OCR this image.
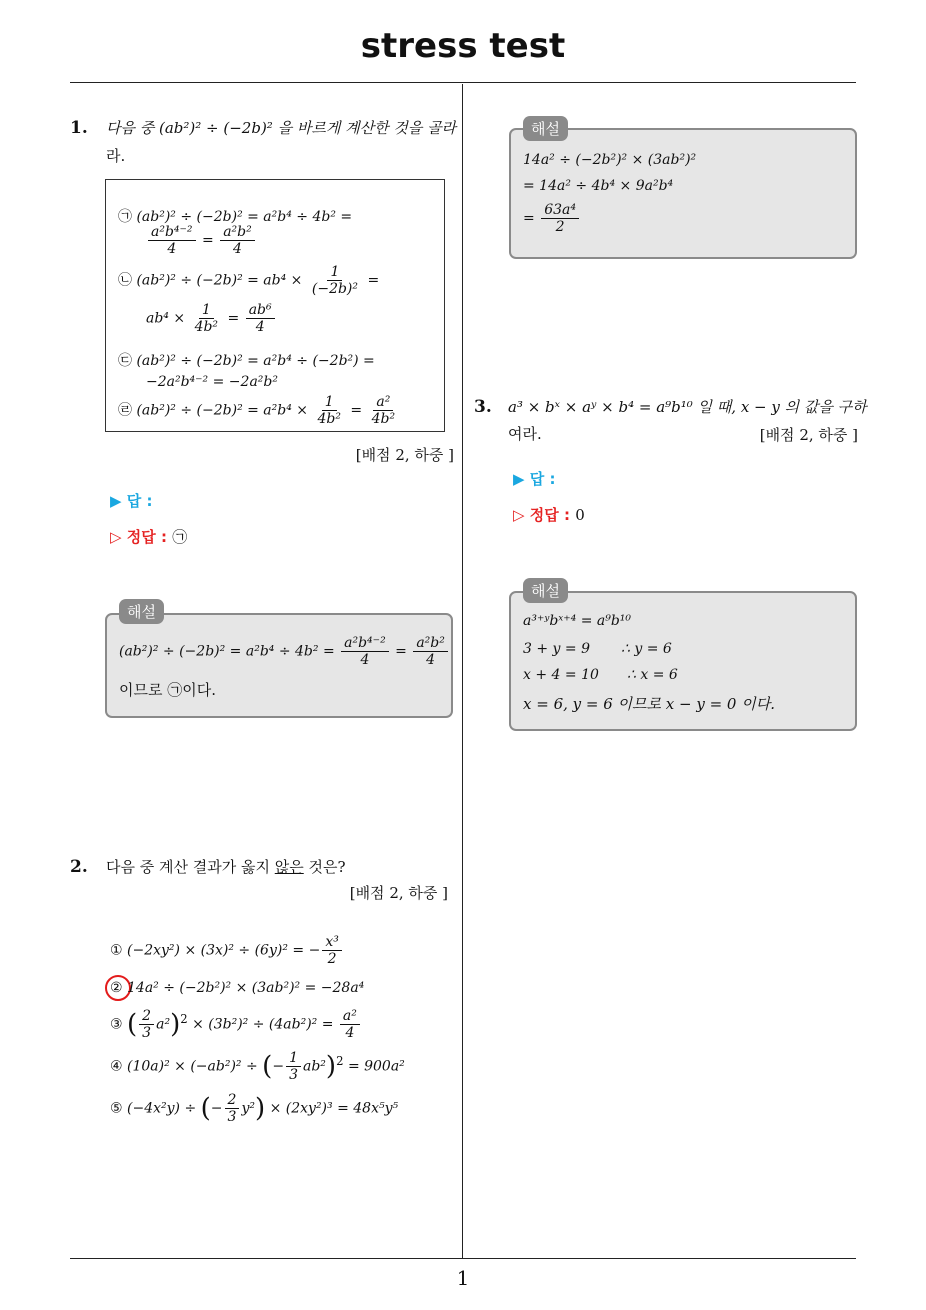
stress test
1
1. 다음 중 (ab²)² ÷ (−2b)² 을 바르게 계산한 것을 골라
라.
㉠ (ab²)² ÷ (−2b)² = a²b⁴ ÷ 4b² =
$\frac{\text{a²b⁴⁻²}}{4} = \frac{\text{a²b²}}{4}$
㉡ $(ab^2)^2 \div (-2b)^2 = ab^4 \times \frac{1}{\text{(−2b)²}}$ =
$ab^4 \times \frac{1}{\text{4b²}} = \frac{\text{ab⁶}}{4}$
㉢ (ab²)² ÷ (−2b)² = a²b⁴ ÷ (−2b²) =
−2a²b⁴⁻² = −2a²b²
㉣ $(ab^2)^2 \div (-2b)^2 = a^2b^4 \times \frac{1}{\text{4b²}} = \frac{\text{a²}}{\text{4b²}}$
[배점 2, 하중 ]
▶ 답 :
▷ 정답 : ㉠
$(ab^2)^2 \div (-2b)^2 = a^2b^4 \div 4b^2 = \frac{\text{a²b⁴⁻²}}{4} = \frac{\text{a²b²}}{4}$
이므로 ㉠이다.
해설
14a² ÷ (−2b²)² × (3ab²)²
= 14a² ÷ 4b⁴ × 9a²b⁴
= $\frac{\text{63a⁴}}{2}$
해설
3. a³ × bˣ × aʸ × b⁴ = a⁹b¹⁰ 일 때, x − y 의 값을 구하
여라.	[배점 2, 하중 ]
▶ 답 :
▷ 정답 : 0
a³⁺ʸbˣ⁺⁴ = a⁹b¹⁰
3 + y = 9 ∴ y = 6
x + 4 = 10 ∴ x = 6
x = 6, y = 6 이므로 x − y = 0 이다.
해설
2. 다음 중 계산 결과가 옳지 않은 것은?
[배점 2, 하중 ]
① (−2xy²) × (3x)² ÷ (6y)² = − $\frac{\text{x³}}{2}$
② 14a² ÷ (−2b²)² × (3ab²)² = −28a⁴
③ ( $\frac{2}{3} a^2)^2 \times (3b^2)^2 \div (4ab^2)^2 = \frac{\text{a²}}{4}$
④ (10a)² × (−ab²)² ÷ (− $\frac{1}{3} ab^2)^2 = 900a^2$
⑤ (−4x²y) ÷ (− $\frac{2}{3} y^2) \times (2xy^2)^3 = 48x^5y^5$
